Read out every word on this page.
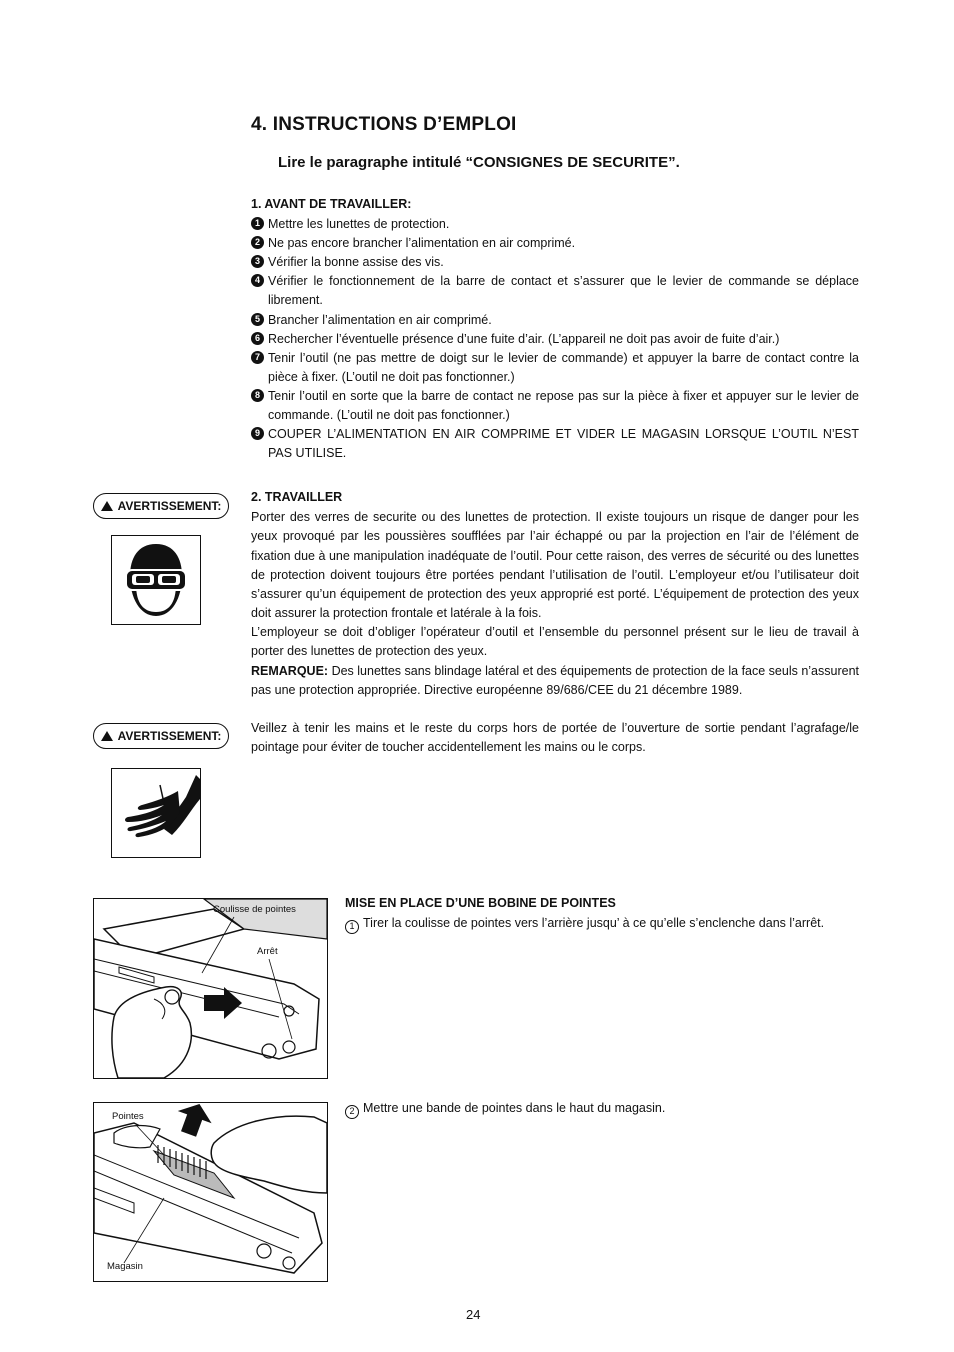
4. INSTRUCTIONS D’EMPLOI
Lire le paragraphe intitulé “CONSIGNES DE SECURITE”.
1. AVANT DE TRAVAILLER:
1 Mettre les lunettes de protection.
2 Ne pas encore brancher l’alimentation en air comprimé.
3 Vérifier la bonne assise des vis.
4 Vérifier le fonctionnement de la barre de contact et s’assurer que le levier de commande se déplace librement.
5 Brancher l’alimentation en air comprimé.
6 Rechercher l’éventuelle présence d’une fuite d’air. (L’appareil ne doit pas avoir de fuite d’air.)
7 Tenir l’outil (ne pas mettre de doigt sur le levier de commande) et appuyer la barre de contact contre la pièce à fixer. (L’outil ne doit pas fonctionner.)
8 Tenir l’outil en sorte que la barre de contact ne repose pas sur la pièce à fixer et appuyer sur le levier de commande. (L’outil ne doit pas fonctionner.)
9 COUPER L’ALIMENTATION EN AIR COMPRIME ET VIDER LE MAGASIN LORSQUE L’OUTIL N’EST PAS UTILISE.
AVERTISSEMENT:
2. TRAVAILLER

Porter des verres de securite ou des lunettes de protection. Il existe toujours un risque de danger pour les yeux provoqué par les poussières soufflées par l’air échappé ou par la projection en l’air de l’élément de fixation due à une manipulation inadéquate de l’outil. Pour cette raison, des verres de sécurité ou des lunettes de protection doivent toujours être portées pendant l’utilisation de l’outil. L’employeur et/ou l’utilisateur doit s’assurer qu’un équipement de protection des yeux approprié est porté. L’équipement de protection des yeux doit assurer la protection frontale et latérale à la fois.

L’employeur se doit d’obliger l’opérateur d’outil et l’ensemble du personnel présent sur le lieu de travail à porter des lunettes de protection des yeux.

REMARQUE: Des lunettes sans blindage latéral et des équipements de protection de la face seuls n’assurent pas une protection appropriée. Directive européenne 89/686/CEE du 21 décembre 1989.

Veillez à tenir les mains et le reste du corps hors de portée de l’ouverture de sortie pendant l’agrafage/le pointage pour éviter de toucher accidentellement les mains ou le corps.

AVERTISSEMENT:
MISE EN PLACE D’UNE BOBINE DE POINTES
1 Tirer la coulisse de pointes vers l’arrière jusqu’ à ce qu’elle s’enclenche dans l’arrêt.
2 Mettre une bande de pointes dans le haut du magasin.
Coulisse de pointes
Arrêt
Pointes
Magasin
24
